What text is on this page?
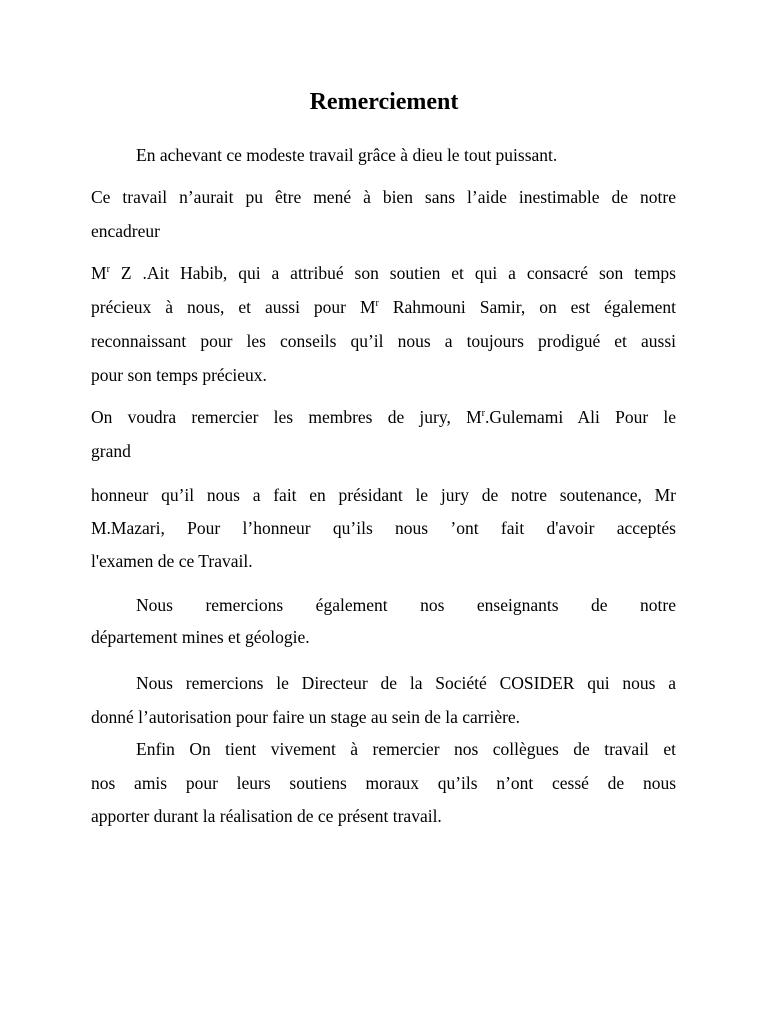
Remerciement
En achevant ce modeste travail grâce à dieu le tout puissant.
Ce travail n’aurait pu être mené à bien sans l’aide inestimable de notre
encadreur
$M^r$ Z .Ait Habib, qui a attribué son soutien et qui a consacré son temps
précieux à nous, et aussi pour $M^r$ Rahmouni Samir, on est également
reconnaissant pour les conseils qu’il nous a toujours prodigué et aussi
pour son temps précieux.
On voudra remercier les membres de jury, $M^r.Gulemami$ Ali Pour le
grand
honneur qu’il nous a fait en présidant le jury de notre soutenance, Mr
M.Mazari, Pour l’honneur qu’ils nous ’ont fait d'avoir acceptés
l'examen de ce Travail.
Nous remercions également nos enseignants de notre
département mines et géologie.
Nous remercions le Directeur de la Société COSIDER qui nous a
donné l’autorisation pour faire un stage au sein de la carrière.
Enfin On tient vivement à remercier nos collègues de travail et
nos amis pour leurs soutiens moraux qu’ils n’ont cessé de nous
apporter durant la réalisation de ce présent travail.
